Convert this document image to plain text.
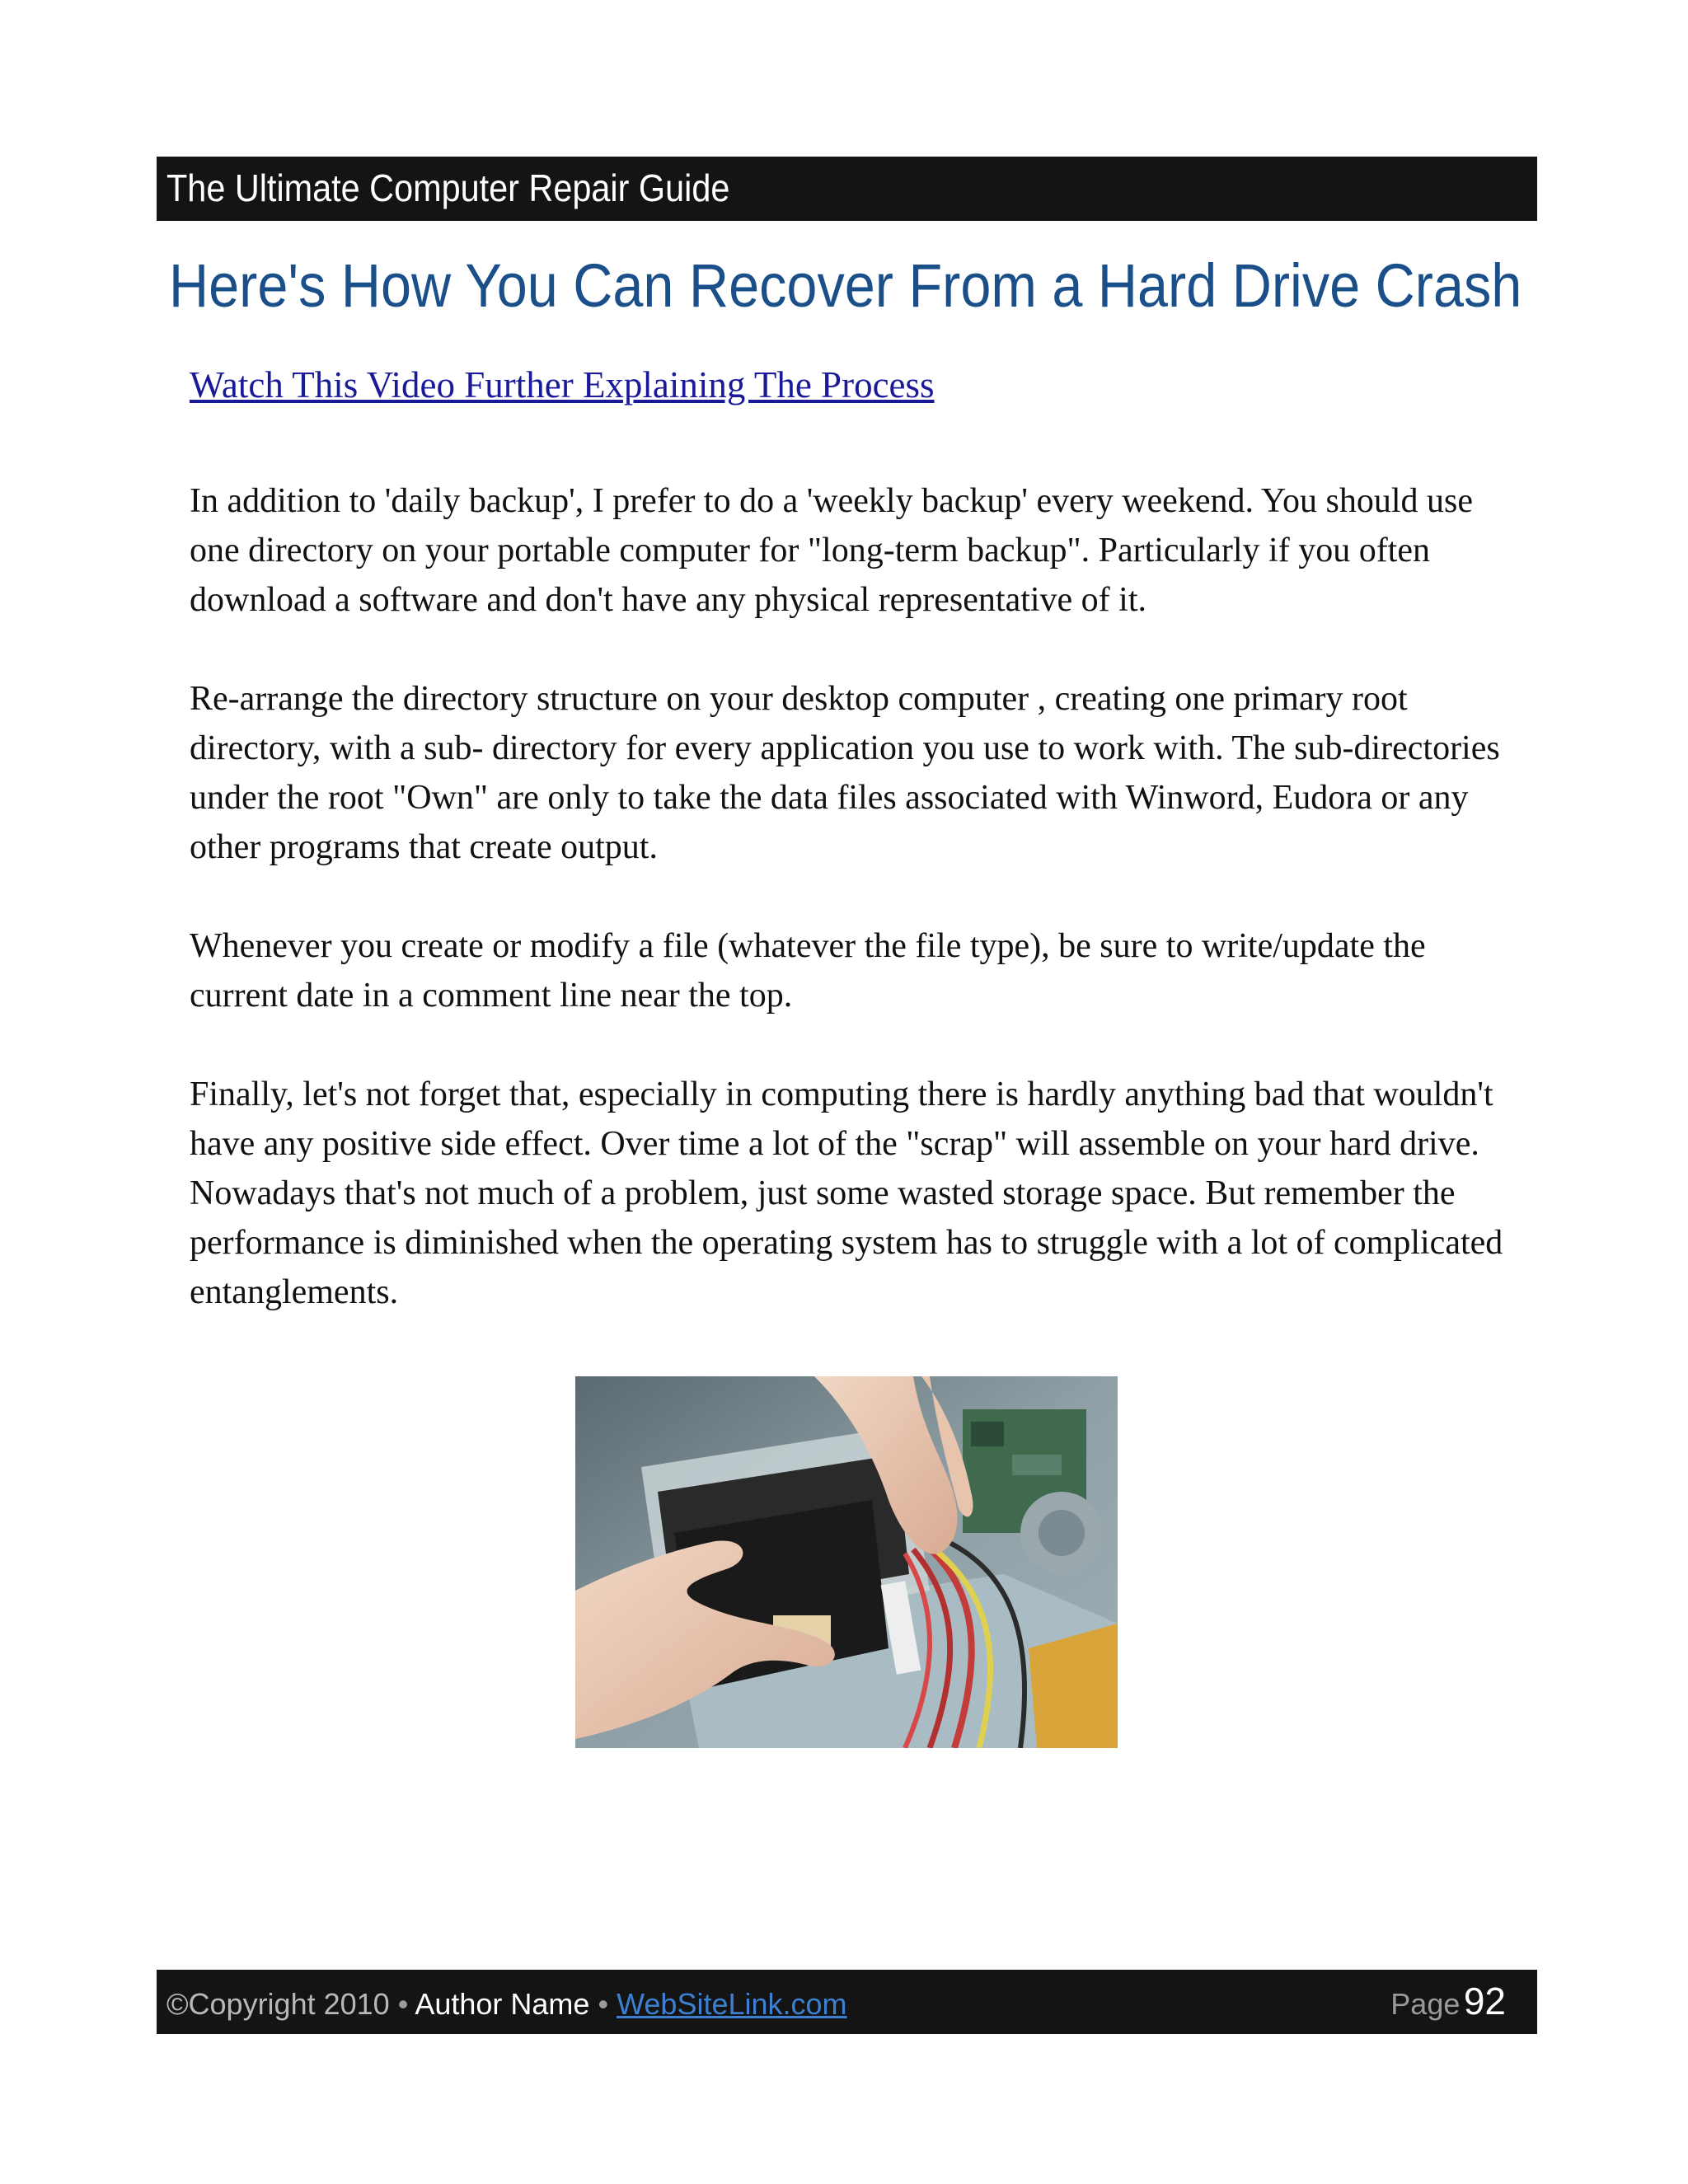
The Ultimate Computer Repair Guide
Here's How You Can Recover From a Hard Drive Crash
Watch This Video Further Explaining The Process

In addition to 'daily backup', I prefer to do a 'weekly backup' every weekend. You should use one directory on your portable computer for "long-term backup". Particularly if you often download a software and don't have any physical representative of it.

Re-arrange the directory structure on your desktop computer , creating one primary root directory, with a sub- directory for every application you use to work with. The sub-directories under the root "Own" are only to take the data files associated with Winword, Eudora or any other programs that create output.

Whenever you create or modify a file (whatever the file type), be sure to write/update the current date in a comment line near the top.

Finally, let's not forget that, especially in computing there is hardly anything bad that wouldn't have any positive side effect. Over time a lot of the "scrap" will assemble on your hard drive. Nowadays that's not much of a problem, just some wasted storage space. But remember the performance is diminished when the operating system has to struggle with a lot of complicated entanglements.

©Copyright 2010 • Author Name • WebSiteLink.com	Page 92
